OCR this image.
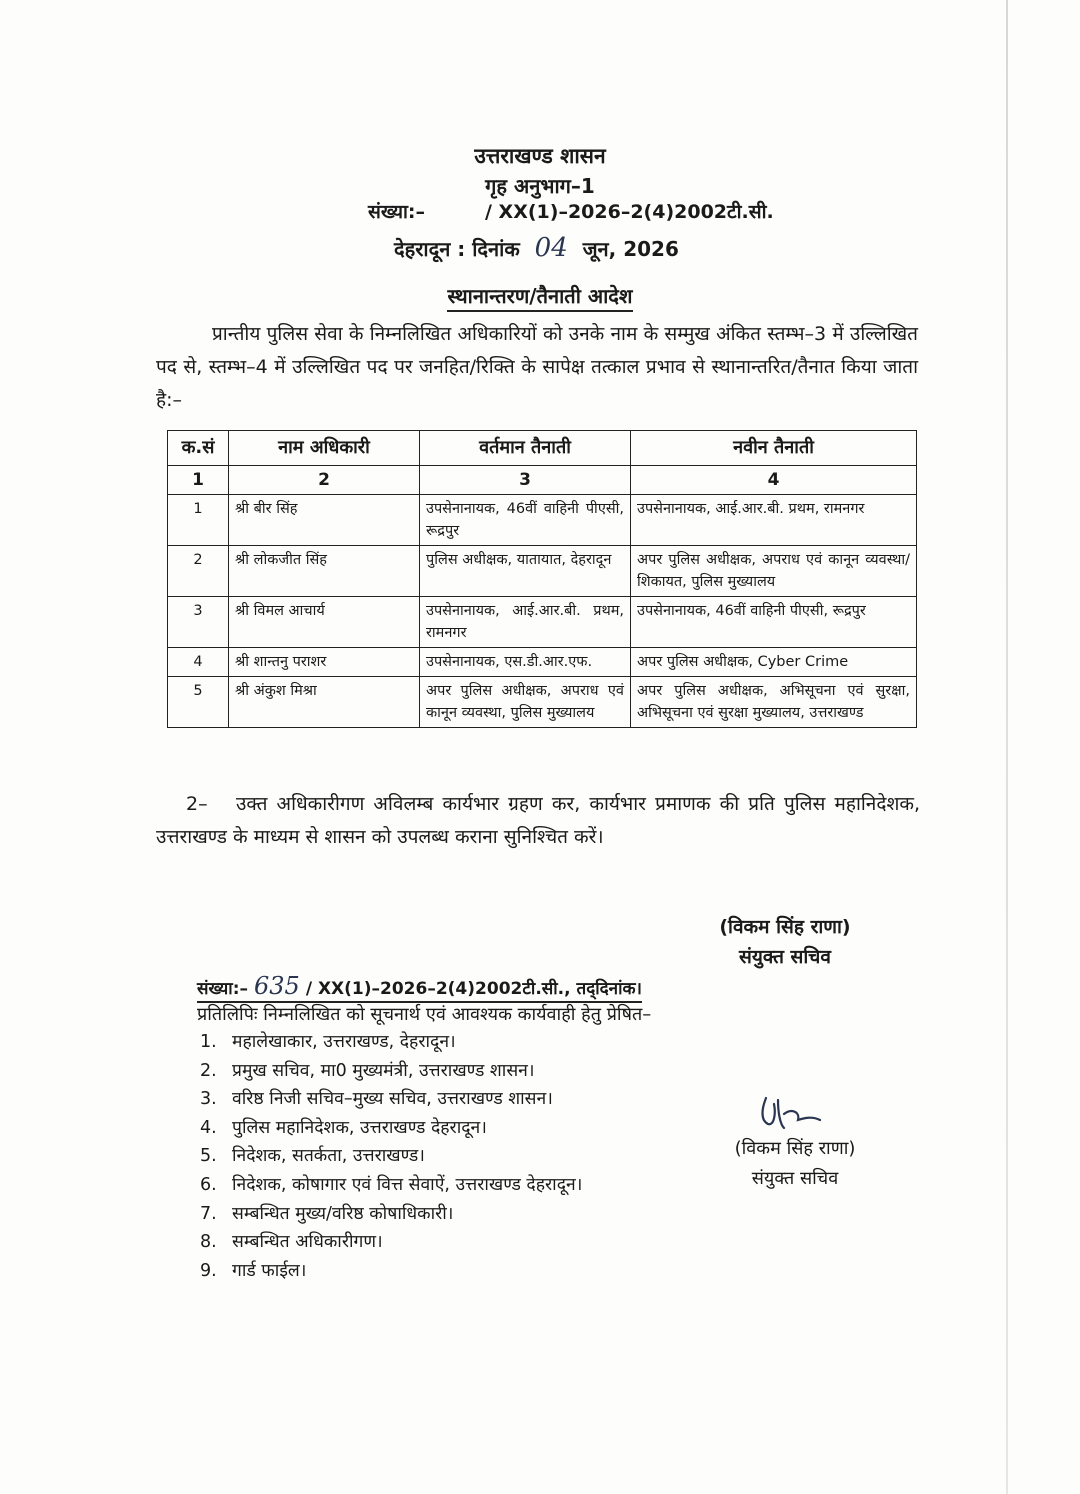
उत्तराखण्ड शासन
गृह अनुभाग–1
संख्या:–	/ XX(1)–2026–2(4)2002टी.सी.
देहरादून : दिनांक 04 जून, 2026
स्थानान्तरण/तैनाती आदेश
प्रान्तीय पुलिस सेवा के निम्नलिखित अधिकारियों को उनके नाम के सम्मुख अंकित स्तम्भ–3 में उल्लिखित पद से, स्तम्भ–4 में उल्लिखित पद पर जनहित/रिक्ति के सापेक्ष तत्काल प्रभाव से स्थानान्तरित/तैनात किया जाता है:–
क.सं	नाम अधिकारी	वर्तमान तैनाती	नवीन तैनाती
1	2	3	4
1	श्री बीर सिंह	उपसेनानायक, 46वीं वाहिनी पीएसी, रूद्रपुर	उपसेनानायक, आई.आर.बी. प्रथम, रामनगर
2	श्री लोकजीत सिंह	पुलिस अधीक्षक, यातायात, देहरादून	अपर पुलिस अधीक्षक, अपराध एवं कानून व्यवस्था/शिकायत, पुलिस मुख्यालय
3	श्री विमल आचार्य	उपसेनानायक, आई.आर.बी. प्रथम, रामनगर	उपसेनानायक, 46वीं वाहिनी पीएसी, रूद्रपुर
4	श्री शान्तनु पराशर	उपसेनानायक, एस.डी.आर.एफ.	अपर पुलिस अधीक्षक, Cyber Crime
5	श्री अंकुश मिश्रा	अपर पुलिस अधीक्षक, अपराध एवं कानून व्यवस्था, पुलिस मुख्यालय	अपर पुलिस अधीक्षक, अभिसूचना एवं सुरक्षा, अभिसूचना एवं सुरक्षा मुख्यालय, उत्तराखण्ड
2– उक्त अधिकारीगण अविलम्ब कार्यभार ग्रहण कर, कार्यभार प्रमाणक की प्रति पुलिस महानिदेशक, उत्तराखण्ड के माध्यम से शासन को उपलब्ध कराना सुनिश्चित करें।
(विकम सिंह राणा)
संयुक्त सचिव
संख्या:– 635 / XX(1)–2026–2(4)2002टी.सी., तद्‌दिनांक।
प्रतिलिपिः निम्नलिखित को सूचनार्थ एवं आवश्यक कार्यवाही हेतु प्रेषित–
1. महालेखाकार, उत्तराखण्ड, देहरादून।
2. प्रमुख सचिव, मा0 मुख्यमंत्री, उत्तराखण्ड शासन।
3. वरिष्ठ निजी सचिव–मुख्य सचिव, उत्तराखण्ड शासन।
4. पुलिस महानिदेशक, उत्तराखण्ड देहरादून।
5. निदेशक, सतर्कता, उत्तराखण्ड।
6. निदेशक, कोषागार एवं वित्त सेवाऐं, उत्तराखण्ड देहरादून।
7. सम्बन्धित मुख्य/वरिष्ठ कोषाधिकारी।
8. सम्बन्धित अधिकारीगण।
9. गार्ड फाईल।
(विकम सिंह राणा)
संयुक्त सचिव
